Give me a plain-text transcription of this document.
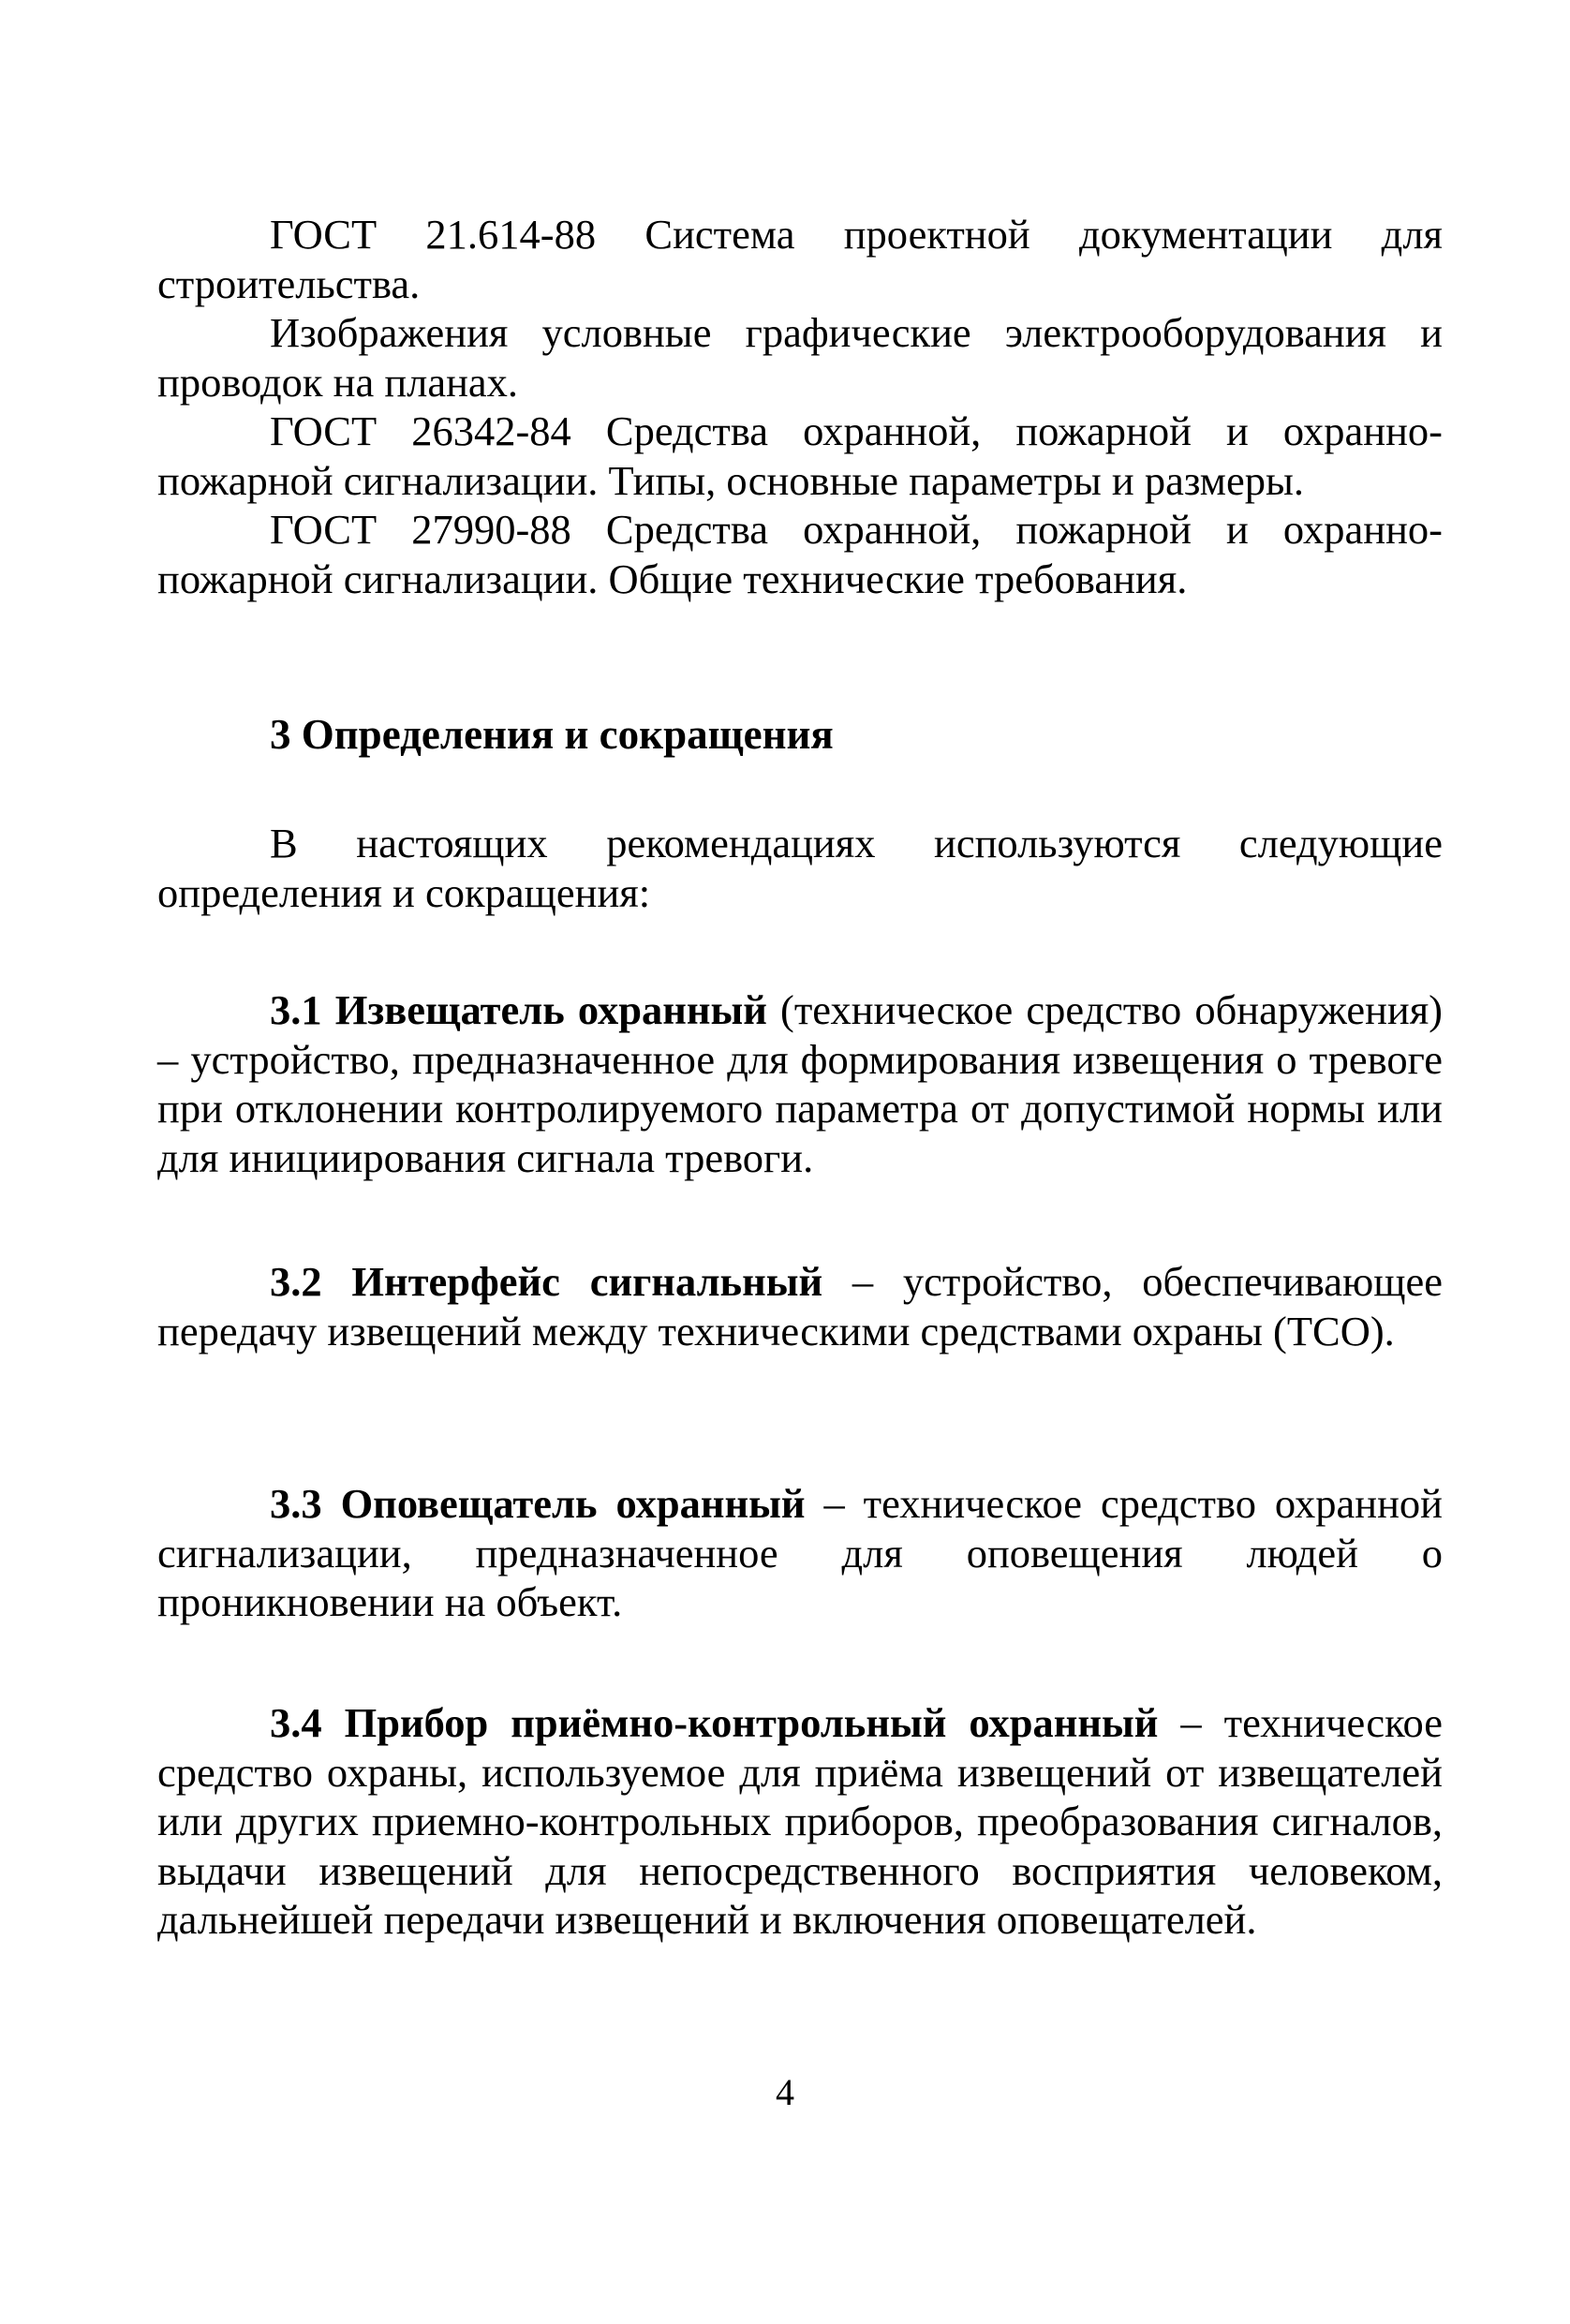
ГОСТ 21.614-88 Система проектной документации для строительства.

Изображения условные графические электрооборудования и проводок на планах.

ГОСТ 26342-84 Средства охранной, пожарной и охранно-пожарной сигнализации. Типы, основные параметры и размеры.

ГОСТ 27990-88 Средства охранной, пожарной и охранно-пожарной сигнализации. Общие технические требования.

3 Определения и сокращения

В настоящих рекомендациях используются следующие определения и сокращения:

3.1 Извещатель охранный (техническое средство обнаружения) – устройство, предназначенное для формирования извещения о тревоге при отклонении контролируемого параметра от допустимой нормы или для инициирования сигнала тревоги.

3.2 Интерфейс сигнальный – устройство, обеспечивающее передачу извещений между техническими средствами охраны (ТСО).

3.3 Оповещатель охранный – техническое средство охранной сигнализации, предназначенное для оповещения людей о проникновении на объект.

3.4 Прибор приёмно-контрольный охранный – техническое средство охраны, используемое для приёма извещений от извещателей или других приемно-контрольных приборов, преобразования сигналов, выдачи извещений для непосредственного восприятия человеком, дальнейшей передачи извещений и включения оповещателей.

4
